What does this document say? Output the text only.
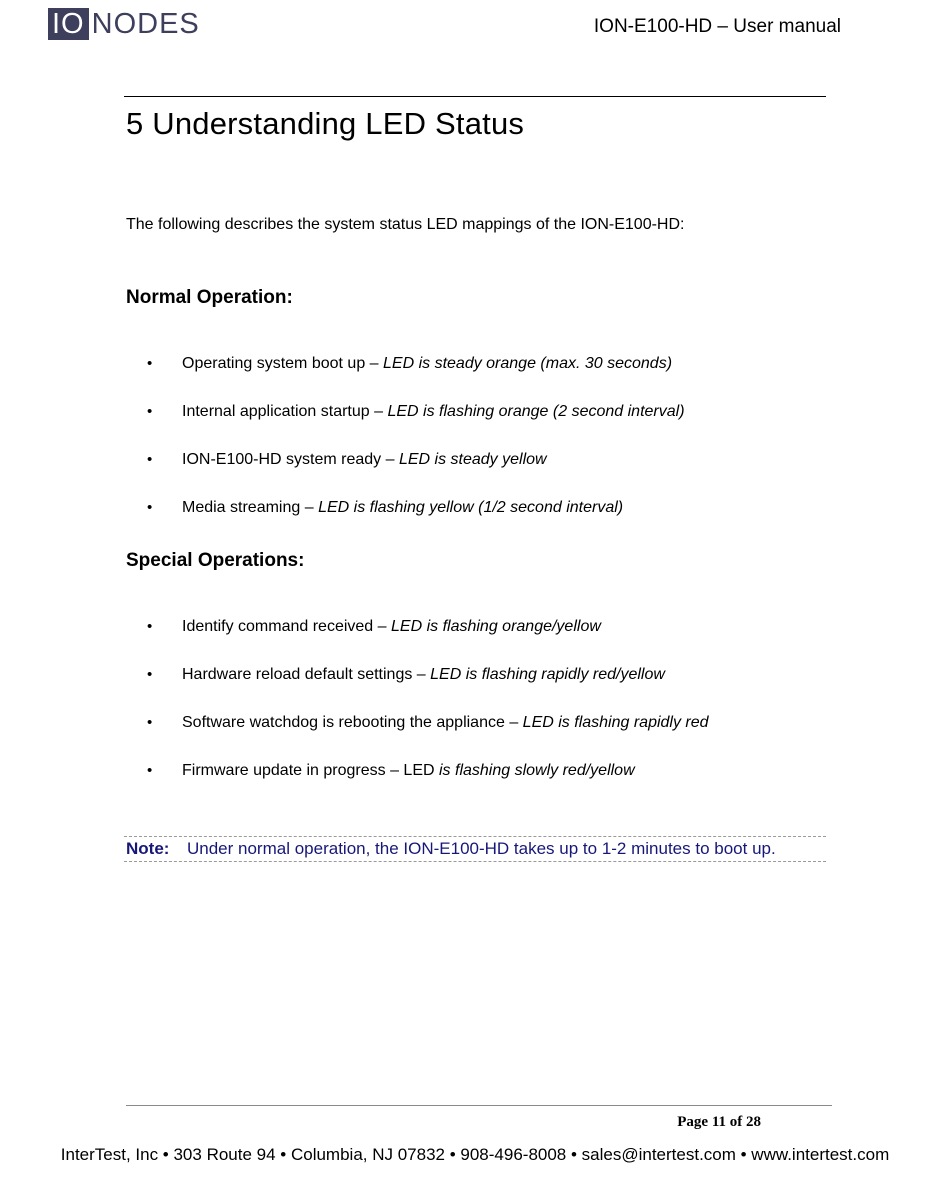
IO NODES	ION-E100-HD – User manual
5 Understanding LED Status

The following describes the system status LED mappings of the ION-E100-HD:

Normal Operation:
• Operating system boot up – LED is steady orange (max. 30 seconds)
• Internal application startup – LED is flashing orange (2 second interval)
• ION-E100-HD system ready – LED is steady yellow
• Media streaming – LED is flashing yellow (1/2 second interval)
Special Operations:
• Identify command received – LED is flashing orange/yellow
• Hardware reload default settings – LED is flashing rapidly red/yellow
• Software watchdog is rebooting the appliance – LED is flashing rapidly red
• Firmware update in progress – LED is flashing slowly red/yellow
Note: Under normal operation, the ION-E100-HD takes up to 1-2 minutes to boot up.
Page 11 of 28
InterTest, Inc • 303 Route 94 • Columbia, NJ 07832 • 908-496-8008 • sales@intertest.com • www.intertest.com
